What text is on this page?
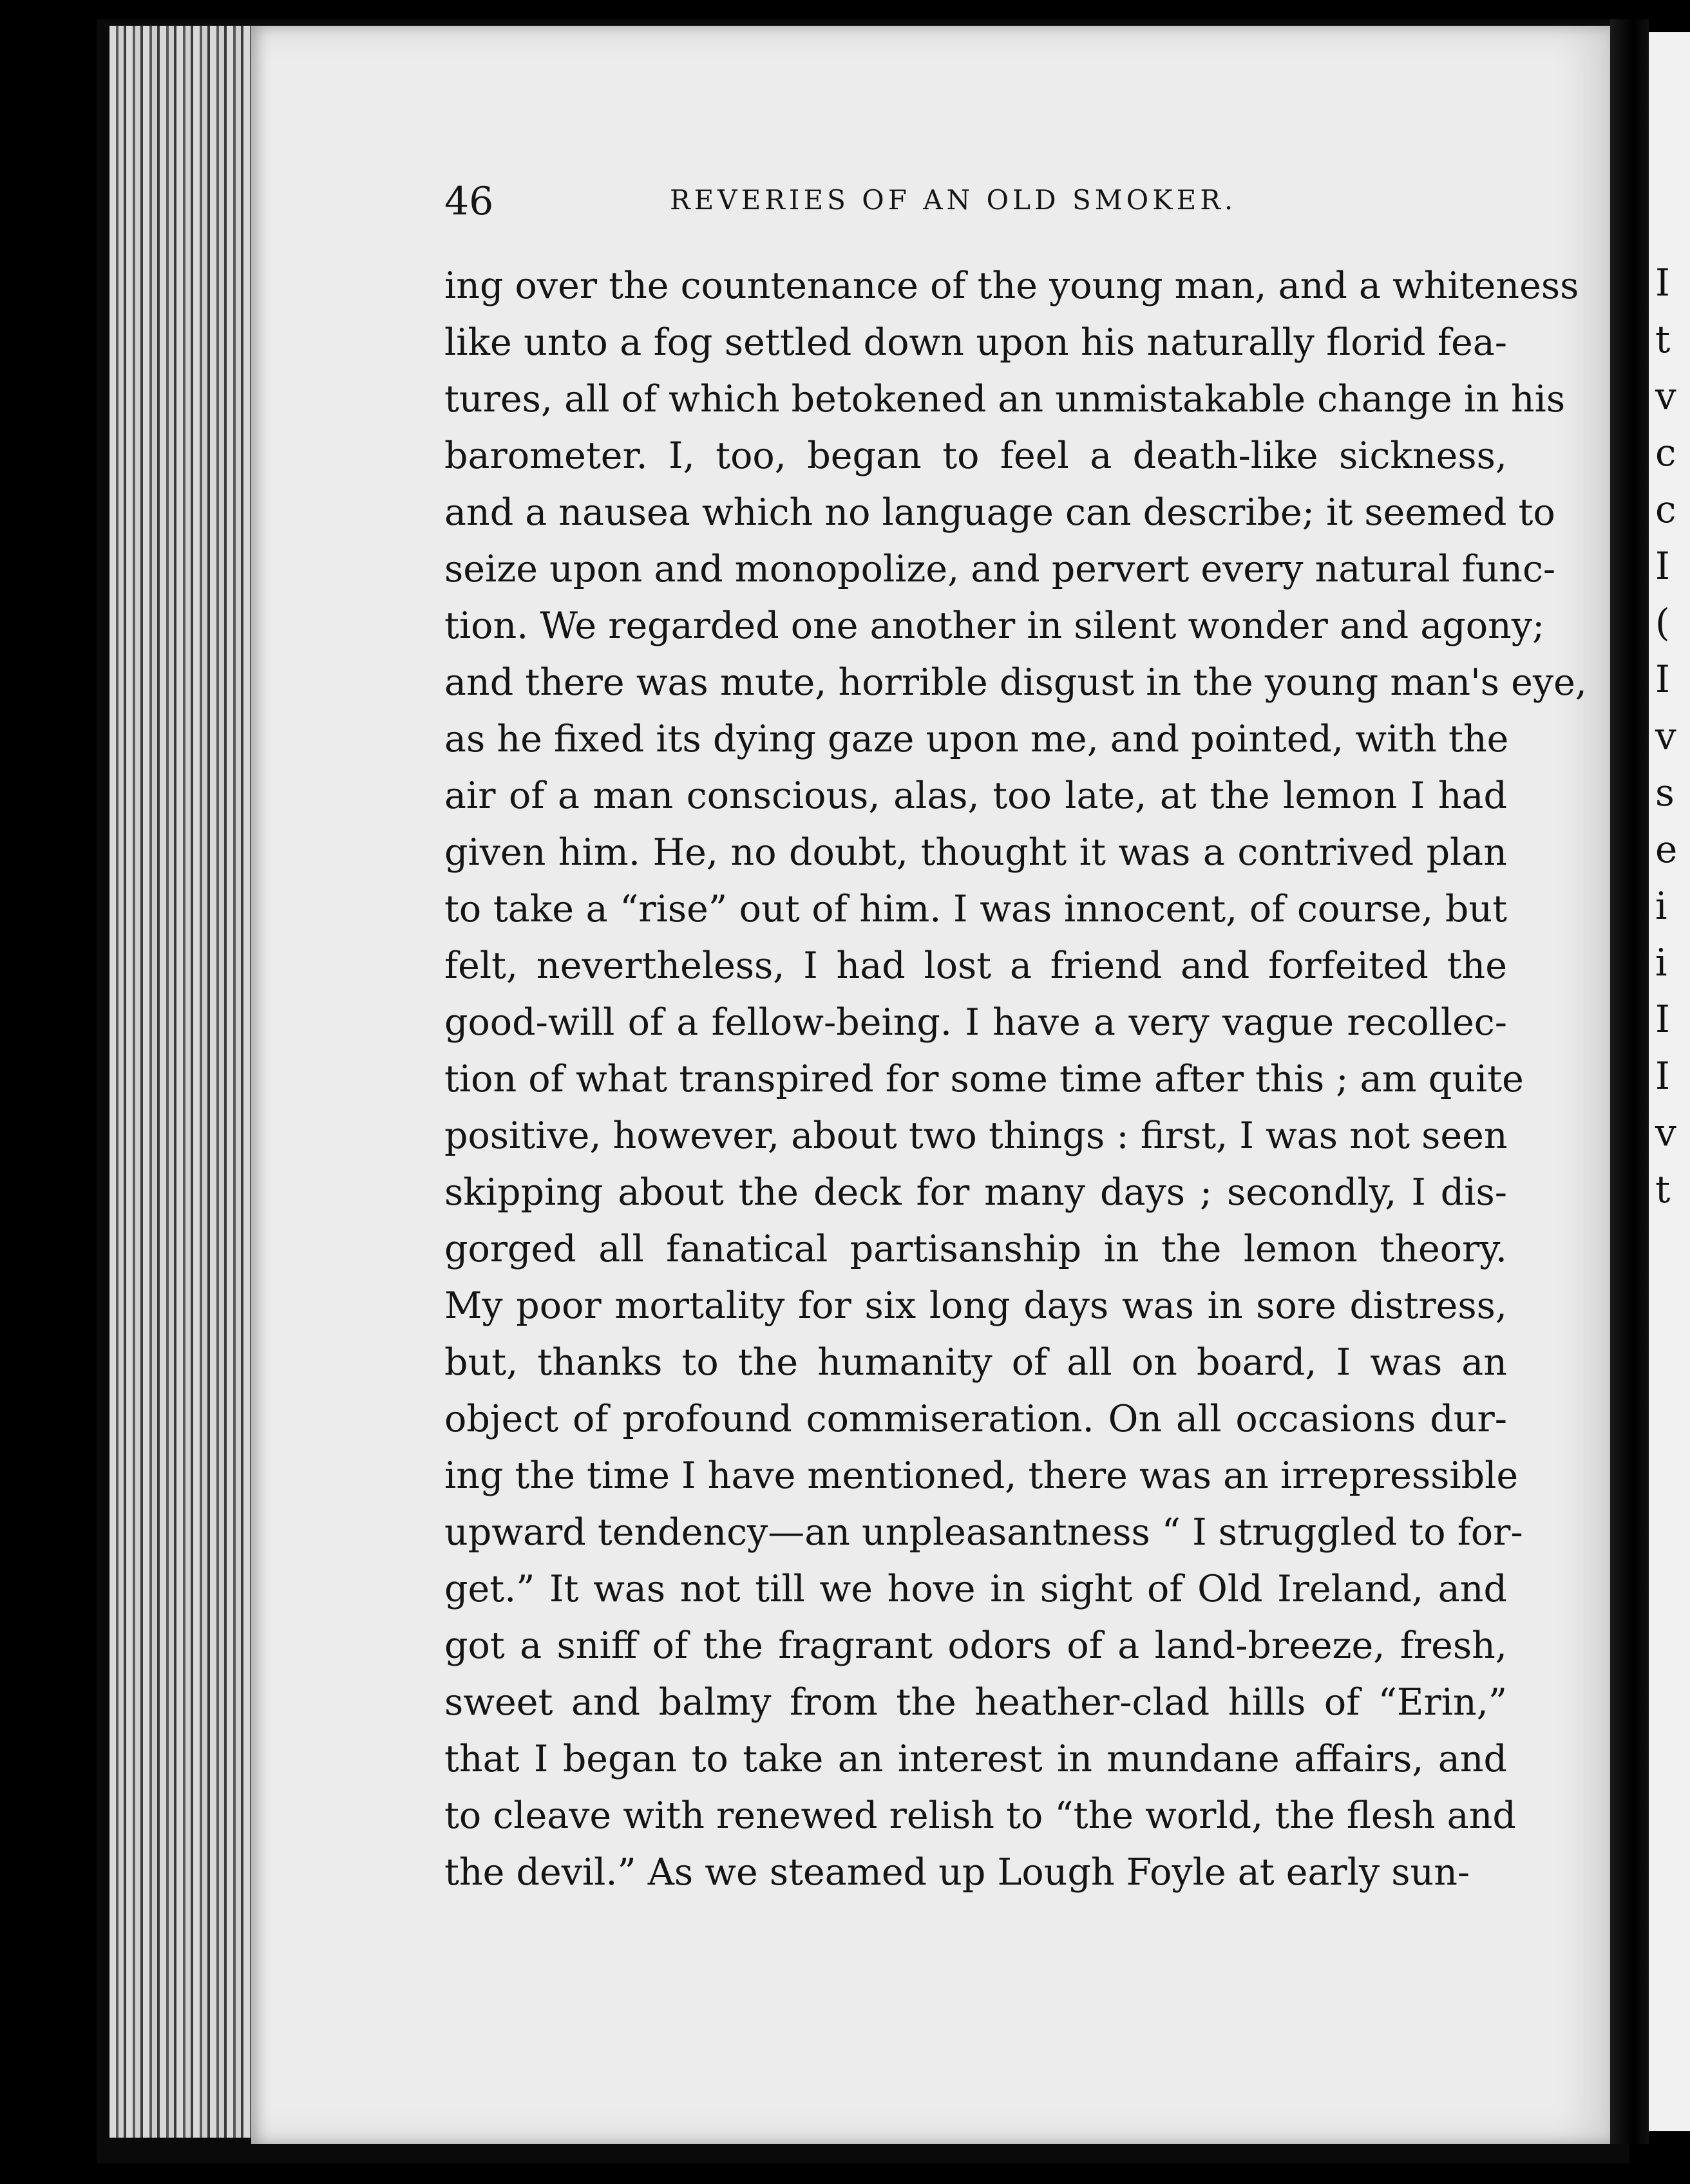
I
t
v
c
c
I
(
I
v
s
e
i
i
I
I
v
t
46	REVERIES OF AN OLD SMOKER.
ing over the countenance of the young man, and a whiteness
like unto a fog settled down upon his naturally florid fea-
tures, all of which betokened an unmistakable change in his
barometer. I, too, began to feel a death-like sickness,
and a nausea which no language can describe; it seemed to
seize upon and monopolize, and pervert every natural func-
tion. We regarded one another in silent wonder and agony;
and there was mute, horrible disgust in the young man's eye,
as he fixed its dying gaze upon me, and pointed, with the
air of a man conscious, alas, too late, at the lemon I had
given him. He, no doubt, thought it was a contrived plan
to take a “rise” out of him. I was innocent, of course, but
felt, nevertheless, I had lost a friend and forfeited the
good-will of a fellow-being. I have a very vague recollec-
tion of what transpired for some time after this ; am quite
positive, however, about two things : first, I was not seen
skipping about the deck for many days ; secondly, I dis-
gorged all fanatical partisanship in the lemon theory.
My poor mortality for six long days was in sore distress,
but, thanks to the humanity of all on board, I was an
object of profound commiseration. On all occasions dur-
ing the time I have mentioned, there was an irrepressible
upward tendency—an unpleasantness “ I struggled to for-
get.” It was not till we hove in sight of Old Ireland, and
got a sniff of the fragrant odors of a land-breeze, fresh,
sweet and balmy from the heather-clad hills of “Erin,”
that I began to take an interest in mundane affairs, and
to cleave with renewed relish to “the world, the flesh and
the devil.” As we steamed up Lough Foyle at early sun-
